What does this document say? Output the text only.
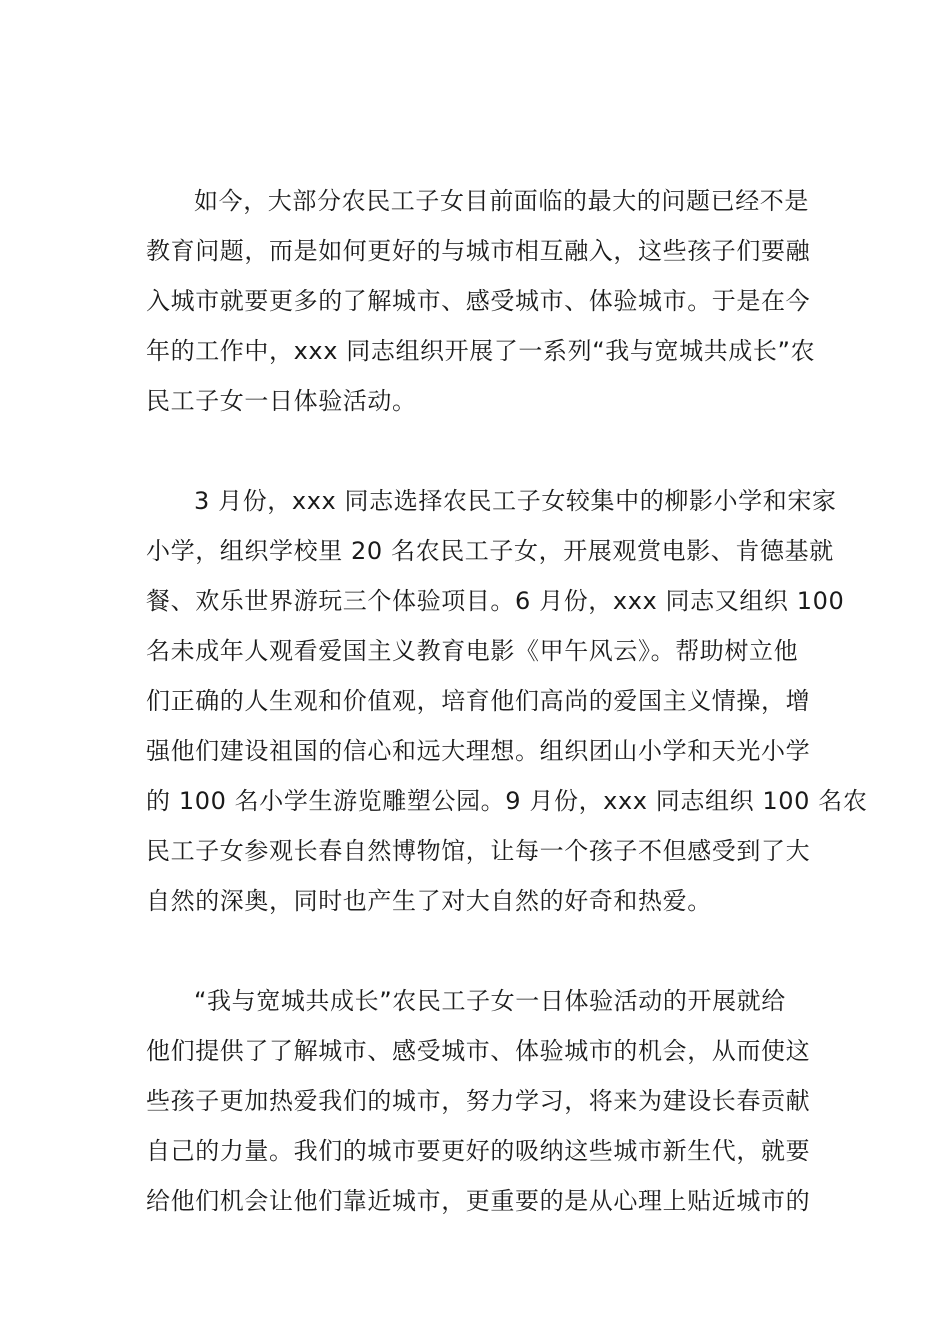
如今，大部分农民工子女目前面临的最大的问题已经不是
教育问题，而是如何更好的与城市相互融入，这些孩子们要融
入城市就要更多的了解城市、感受城市、体验城市。于是在今
年的工作中，xxx 同志组织开展了一系列“我与宽城共成长”农
民工子女一日体验活动。

3 月份，xxx 同志选择农民工子女较集中的柳影小学和宋家
小学，组织学校里 20 名农民工子女，开展观赏电影、肯德基就
餐、欢乐世界游玩三个体验项目。6 月份，xxx 同志又组织 100
名未成年人观看爱国主义教育电影《甲午风云》。帮助树立他
们正确的人生观和价值观，培育他们高尚的爱国主义情操，增
强他们建设祖国的信心和远大理想。组织团山小学和天光小学
的 100 名小学生游览雕塑公园。9 月份，xxx 同志组织 100 名农
民工子女参观长春自然博物馆，让每一个孩子不但感受到了大
自然的深奥，同时也产生了对大自然的好奇和热爱。

“我与宽城共成长”农民工子女一日体验活动的开展就给
他们提供了了解城市、感受城市、体验城市的机会，从而使这
些孩子更加热爱我们的城市，努力学习，将来为建设长春贡献
自己的力量。我们的城市要更好的吸纳这些城市新生代，就要
给他们机会让他们靠近城市，更重要的是从心理上贴近城市的
